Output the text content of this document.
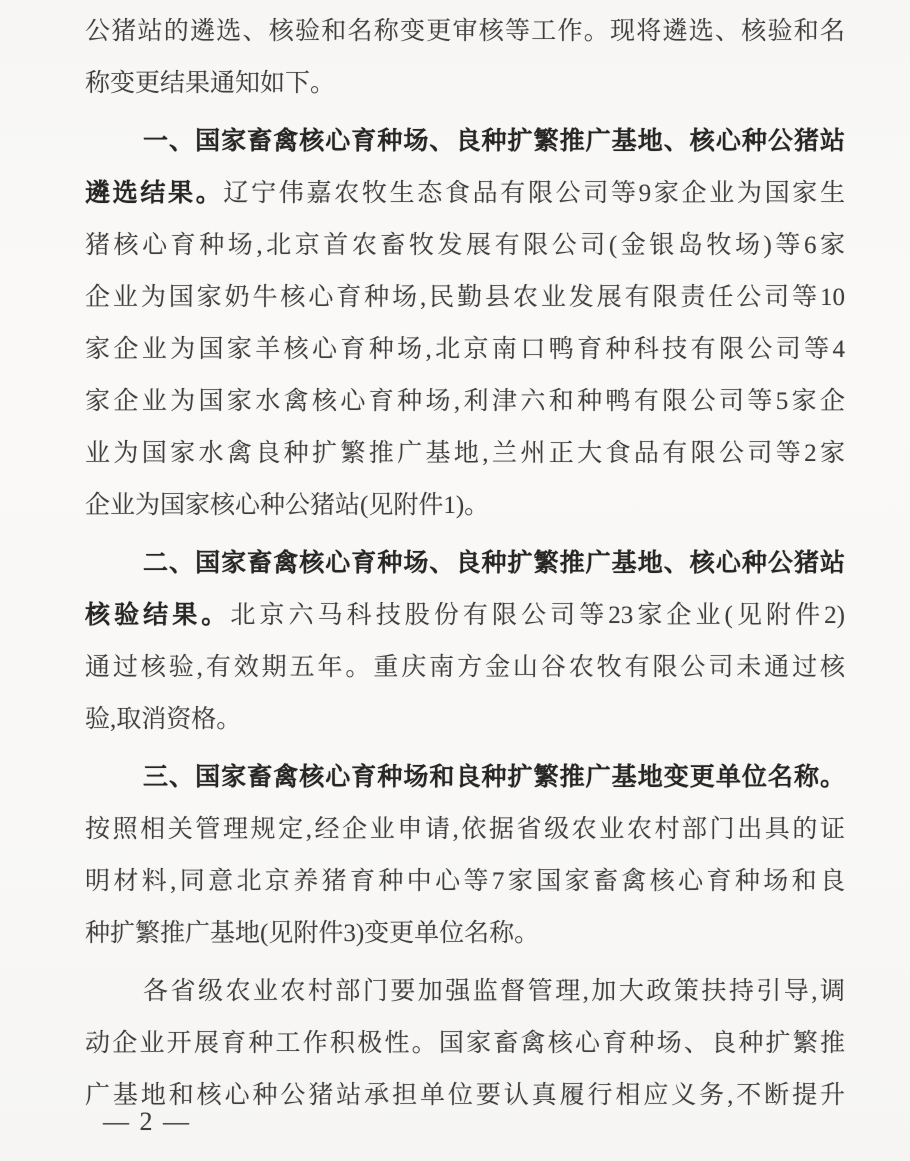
公猪站的遴选、核验和名称变更审核等工作。现将遴选、核验和名
称变更结果通知如下。
一、国家畜禽核心育种场、良种扩繁推广基地、核心种公猪站
遴选结果。辽宁伟嘉农牧生态食品有限公司等9家企业为国家生
猪核心育种场,北京首农畜牧发展有限公司(金银岛牧场)等6家
企业为国家奶牛核心育种场,民勤县农业发展有限责任公司等10
家企业为国家羊核心育种场,北京南口鸭育种科技有限公司等4
家企业为国家水禽核心育种场,利津六和种鸭有限公司等5家企
业为国家水禽良种扩繁推广基地,兰州正大食品有限公司等2家
企业为国家核心种公猪站(见附件1)。
二、国家畜禽核心育种场、良种扩繁推广基地、核心种公猪站
核验结果。北京六马科技股份有限公司等23家企业(见附件2)
通过核验,有效期五年。重庆南方金山谷农牧有限公司未通过核
验,取消资格。
三、国家畜禽核心育种场和良种扩繁推广基地变更单位名称。
按照相关管理规定,经企业申请,依据省级农业农村部门出具的证
明材料,同意北京养猪育种中心等7家国家畜禽核心育种场和良
种扩繁推广基地(见附件3)变更单位名称。
各省级农业农村部门要加强监督管理,加大政策扶持引导,调
动企业开展育种工作积极性。国家畜禽核心育种场、良种扩繁推
广基地和核心种公猪站承担单位要认真履行相应义务,不断提升
— 2 —
